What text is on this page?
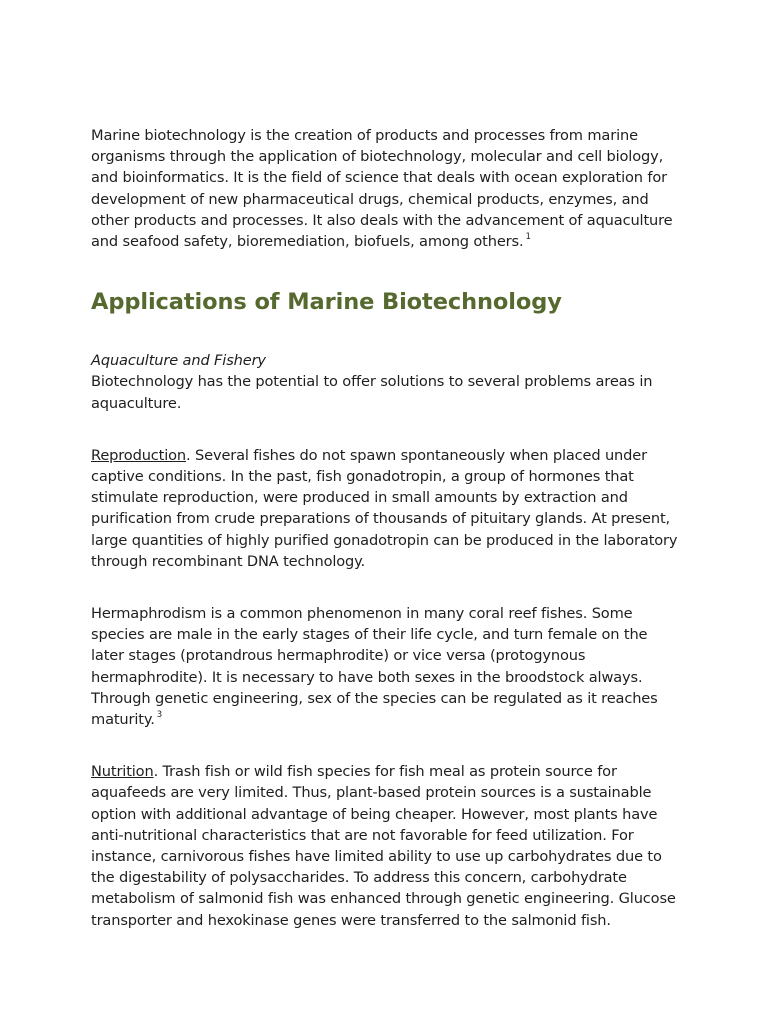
Marine biotechnology is the creation of products and processes from marine organisms through the application of biotechnology, molecular and cell biology, and bioinformatics. It is the field of science that deals with ocean exploration for development of new pharmaceutical drugs, chemical products, enzymes, and other products and processes. It also deals with the advancement of aquaculture and seafood safety, bioremediation, biofuels, among others. $^1$

Applications of Marine Biotechnology

Aquaculture and Fishery

Biotechnology has the potential to offer solutions to several problems areas in aquaculture.

Reproduction. Several fishes do not spawn spontaneously when placed under captive conditions. In the past, fish gonadotropin, a group of hormones that stimulate reproduction, were produced in small amounts by extraction and purification from crude preparations of thousands of pituitary glands. At present, large quantities of highly purified gonadotropin can be produced in the laboratory through recombinant DNA technology.

Hermaphrodism is a common phenomenon in many coral reef fishes. Some species are male in the early stages of their life cycle, and turn female on the later stages (protandrous hermaphrodite) or vice versa (protogynous hermaphrodite). It is necessary to have both sexes in the broodstock always. Through genetic engineering, sex of the species can be regulated as it reaches maturity. $^3$

Nutrition. Trash fish or wild fish species for fish meal as protein source for aquafeeds are very limited. Thus, plant-based protein sources is a sustainable option with additional advantage of being cheaper. However, most plants have anti-nutritional characteristics that are not favorable for feed utilization. For instance, carnivorous fishes have limited ability to use up carbohydrates due to the digestability of polysaccharides. To address this concern, carbohydrate metabolism of salmonid fish was enhanced through genetic engineering. Glucose transporter and hexokinase genes were transferred to the salmonid fish.
